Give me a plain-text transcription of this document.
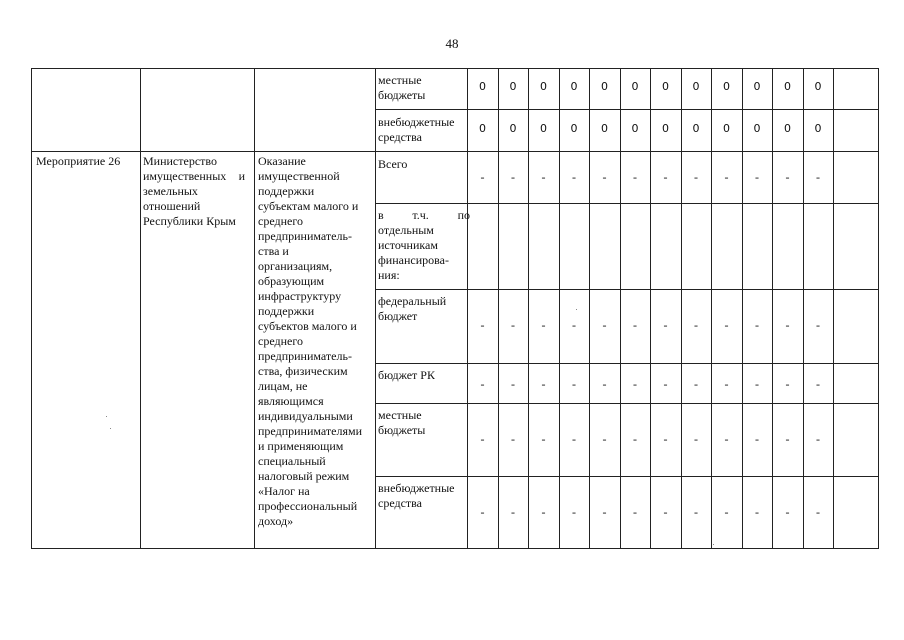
48
Мероприятие 26 Министерство
имущественных и
земельных
отношений
Республики Крым
Оказание
имущественной
поддержки
субъектам малого и
среднего
предприниматель-
ства и
организациям,
образующим
инфраструктуру
поддержки
субъектов малого и
среднего
предприниматель-
ства, физическим
лицам, не
являющимся
индивидуальными
предпринимателями
и применяющим
специальный
налоговый режим
«Налог на
профессиональный
доход»
местные
бюджеты
внебюджетные
средства
Всего
в т.ч. по
отдельным
источникам
финансирова-
ния:
федеральный
бюджет
бюджет РК
местные
бюджеты
внебюджетные
средства
0 0 0 0 0 0 0 0 0 0 0 0
0 0 0 0 0 0 0 0 0 0 0 0
- - - - - - - - - - - -
- - - - - - - - - - - -
- - - - - - - - - - - -
- - - - - - - - - - - -
- - - - - - - - - - - -
